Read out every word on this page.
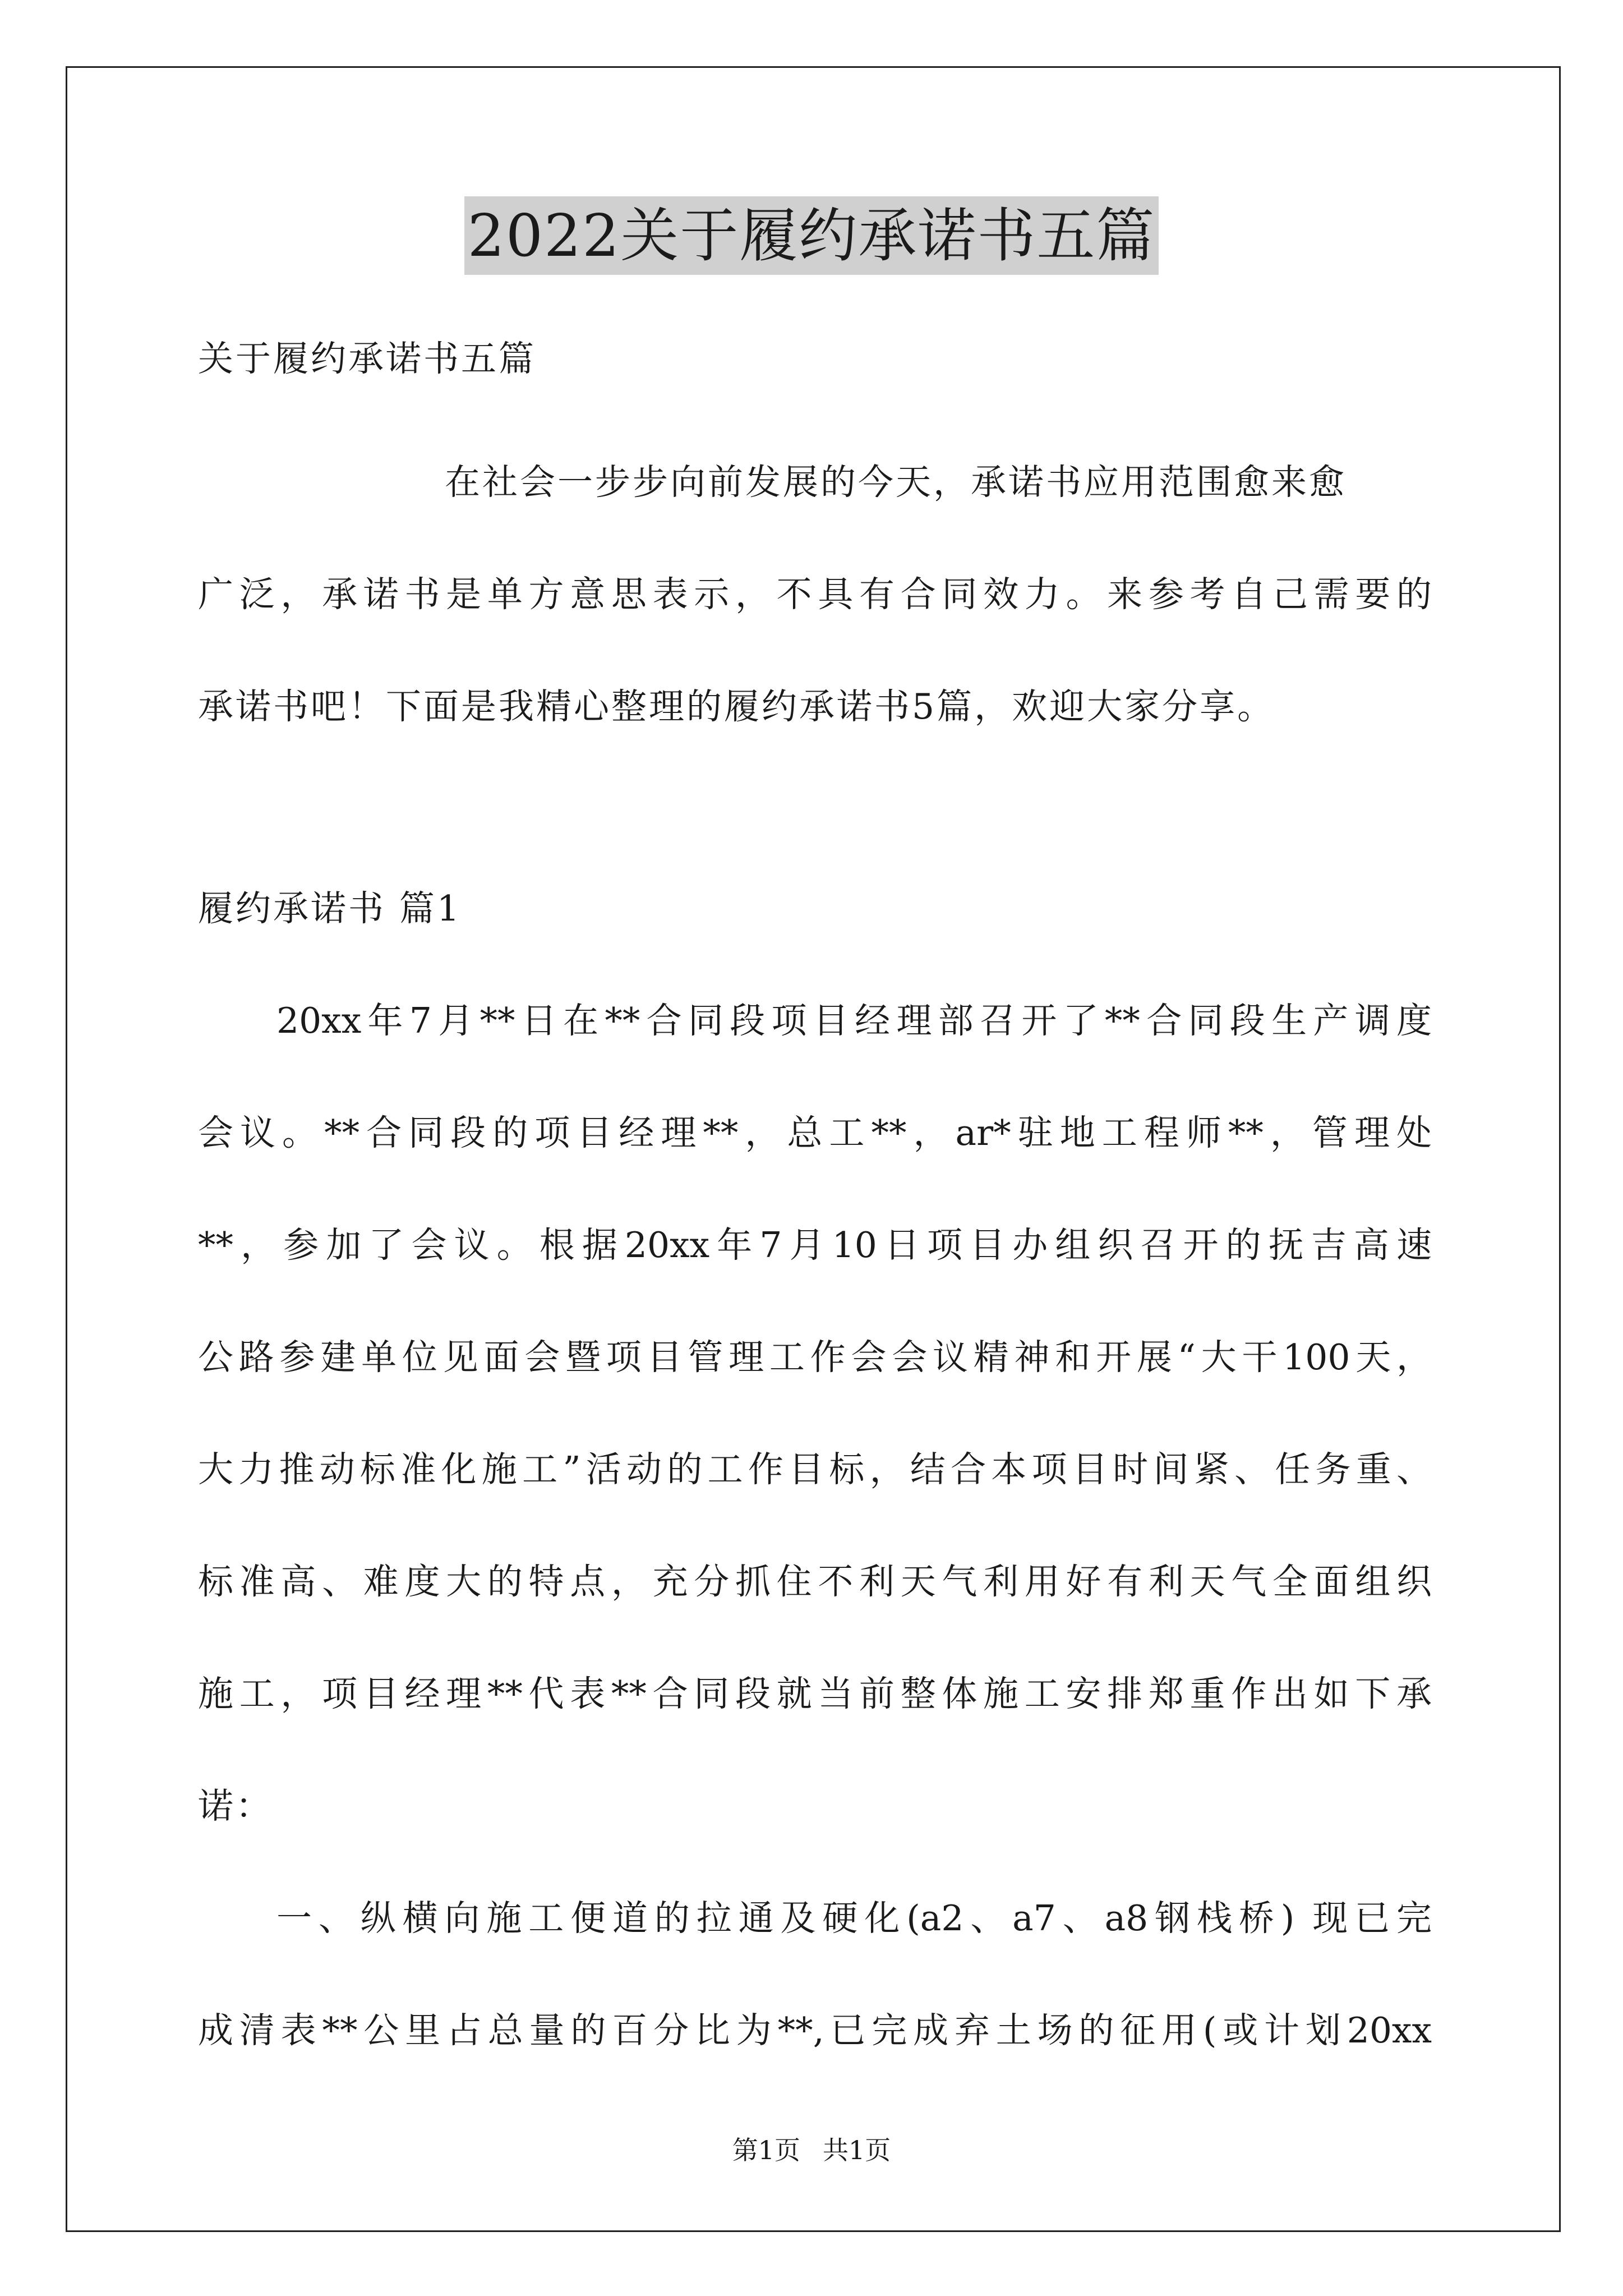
2022关于履约承诺书五篇
关于履约承诺书五篇
在社会一步步向前发展的今天，承诺书应用范围愈来愈
广泛，承诺书是单方意思表示，不具有合同效力。来参考自己需要的
承诺书吧！下面是我精心整理的履约承诺书5篇，欢迎大家分享。
履约承诺书 篇1
20xx年7月**日在**合同段项目经理部召开了**合同段生产调度
会议。**合同段的项目经理**，总工**，ar*驻地工程师**，管理处
**，参加了会议。根据20xx年7月10日项目办组织召开的抚吉高速
公路参建单位见面会暨项目管理工作会会议精神和开展“大干100天，
大力推动标准化施工”活动的工作目标，结合本项目时间紧、任务重、
标准高、难度大的特点，充分抓住不利天气利用好有利天气全面组织
施工，项目经理**代表**合同段就当前整体施工安排郑重作出如下承
诺：
一、纵横向施工便道的拉通及硬化(a2、a7、a8钢栈桥) 现已完
成清表**公里占总量的百分比为**,已完成弃土场的征用(或计划20xx
第1页 共1页
